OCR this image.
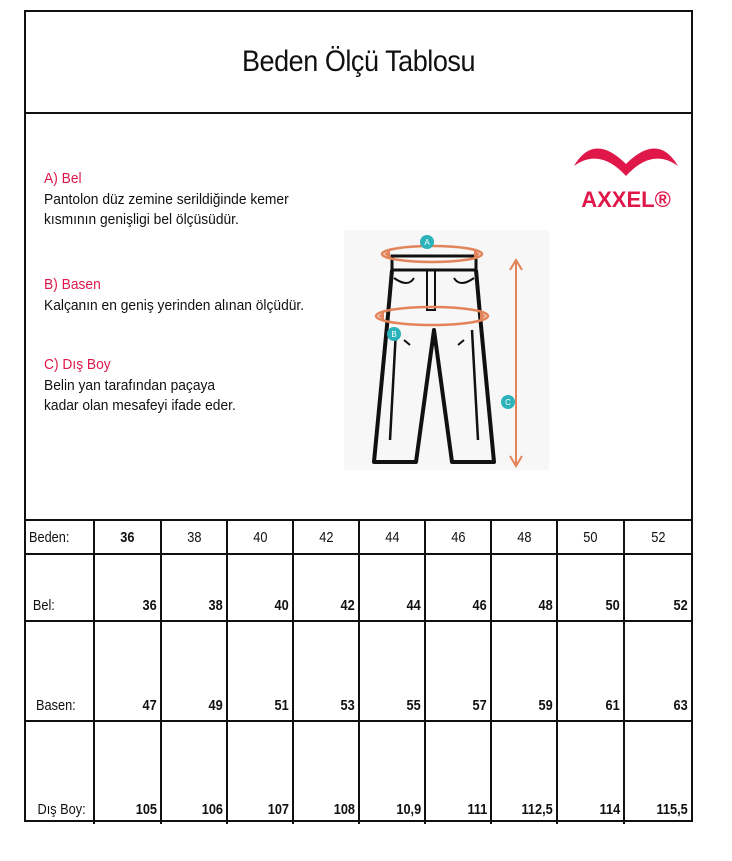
Beden Ölçü Tablosu
A) Bel
Pantolon düz zemine serildiğinde kemer
kısmının genişligi bel ölçüsüdür.
B) Basen
Kalçanın en geniş yerinden alınan ölçüdür.
C) Dış Boy
Belin yan tarafından paçaya
kadar olan mesafeyi ifade eder.
AXXEL®
A
B
C
Beden:	36	38	40	42	44	46	48	50	52
Bel:	36	38	40	42	44	46	48	50	52
Basen:	47	49	51	53	55	57	59	61	63
Dış Boy:	105	106	107	108	10,9	111	112,5	114	115,5
